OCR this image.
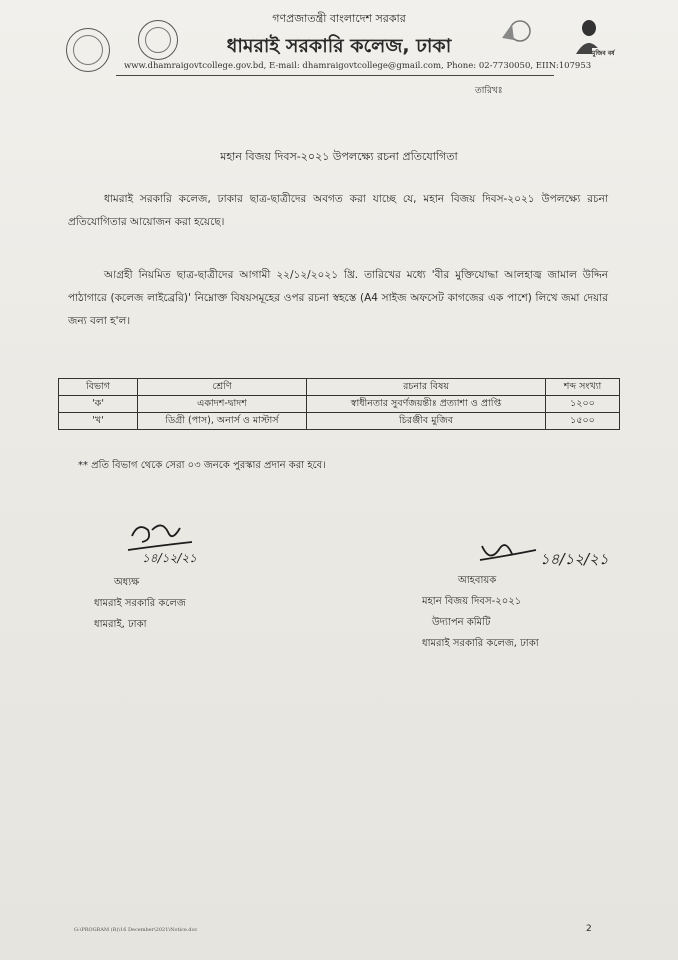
মুজিব বর্ষ
গণপ্রজাতন্ত্রী বাংলাদেশ সরকার
ধামরাই সরকারি কলেজ, ঢাকা
www.dhamraigovtcollege.gov.bd, E-mail: dhamraigovtcollege@gmail.com, Phone: 02-7730050, EIIN:107953
তারিখঃ
মহান বিজয় দিবস-২০২১ উপলক্ষ্যে রচনা প্রতিযোগিতা
ধামরাই সরকারি কলেজ, ঢাকার ছাত্র-ছাত্রীদের অবগত করা যাচ্ছে যে, মহান বিজয় দিবস-২০২১ উপলক্ষ্যে রচনা প্রতিযোগিতার আয়োজন করা হয়েছে।
আগ্রহী নিয়মিত ছাত্র-ছাত্রীদের আগামী ২২/১২/২০২১ খ্রি. তারিখের মধ্যে 'বীর মুক্তিযোদ্ধা আলহাজ্ব জামাল উদ্দিন পাঠাগারে (কলেজ লাইব্রেরি)' নিম্নোক্ত বিষয়সমূহের ওপর রচনা স্বহস্তে (A4 সাইজ অফসেট কাগজের এক পাশে) লিখে জমা দেয়ার জন্য বলা হ'ল।
বিভাগ	শ্রেণি	রচনার বিষয়	শব্দ সংখ্যা
'ক'	একাদশ-দ্বাদশ	স্বাধীনতার সুবর্ণজয়ন্তীঃ প্রত্যাশা ও প্রাপ্তি	১২০০
'খ'	ডিগ্রী (পাস), অনার্স ও মাস্টার্স	চিরঞ্জীব মুজিব	১৫০০
** প্রতি বিভাগ থেকে সেরা ০৩ জনকে পুরস্কার প্রদান করা হবে।
১৪/১২/২১
অধ্যক্ষ
ধামরাই সরকারি কলেজ
ধামরাই, ঢাকা
১৪/১২/২১
আহবায়ক
মহান বিজয় দিবস-২০২১
উদ্যাপন কমিটি
ধামরাই সরকারি কলেজ, ঢাকা
G:\PROGRAM (R)\16 December\2021\Notice.doc	2
